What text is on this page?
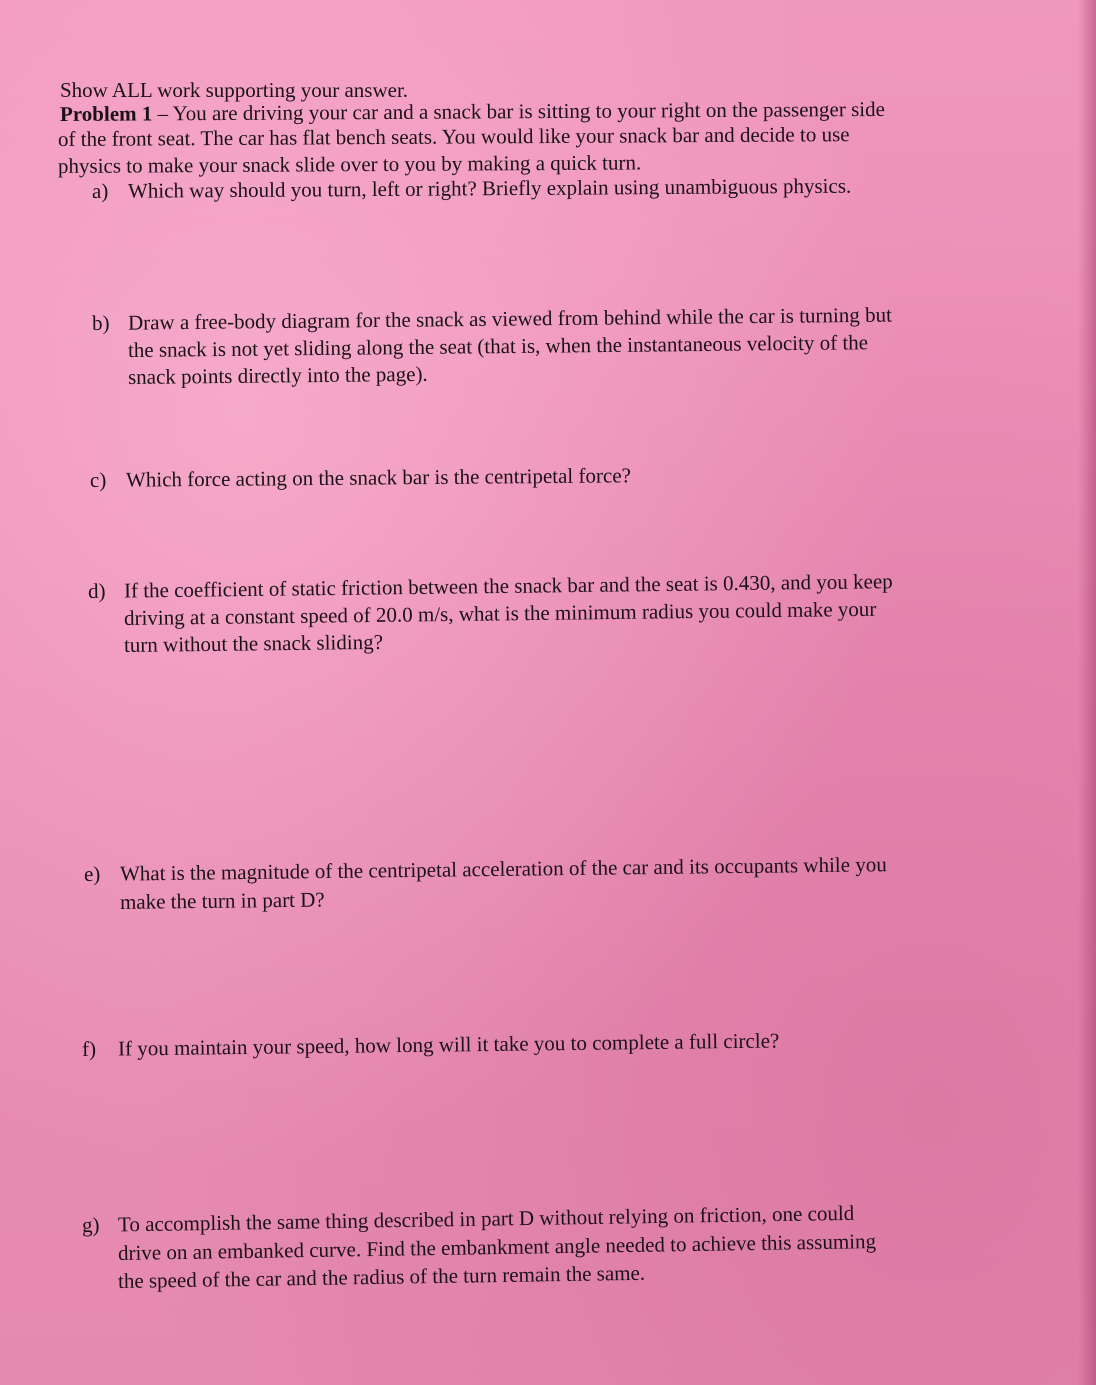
Show ALL work supporting your answer.
Problem 1 – You are driving your car and a snack bar is sitting to your right on the passenger side
of the front seat. The car has flat bench seats. You would like your snack bar and decide to use
physics to make your snack slide over to you by making a quick turn.
a) Which way should you turn, left or right? Briefly explain using unambiguous physics.
b) Draw a free-body diagram for the snack as viewed from behind while the car is turning but
the snack is not yet sliding along the seat (that is, when the instantaneous velocity of the
snack points directly into the page).
c) Which force acting on the snack bar is the centripetal force?
d) If the coefficient of static friction between the snack bar and the seat is 0.430, and you keep
driving at a constant speed of 20.0 m/s, what is the minimum radius you could make your
turn without the snack sliding?
e) What is the magnitude of the centripetal acceleration of the car and its occupants while you
make the turn in part D?
f) If you maintain your speed, how long will it take you to complete a full circle?
g) To accomplish the same thing described in part D without relying on friction, one could
drive on an embanked curve. Find the embankment angle needed to achieve this assuming
the speed of the car and the radius of the turn remain the same.
